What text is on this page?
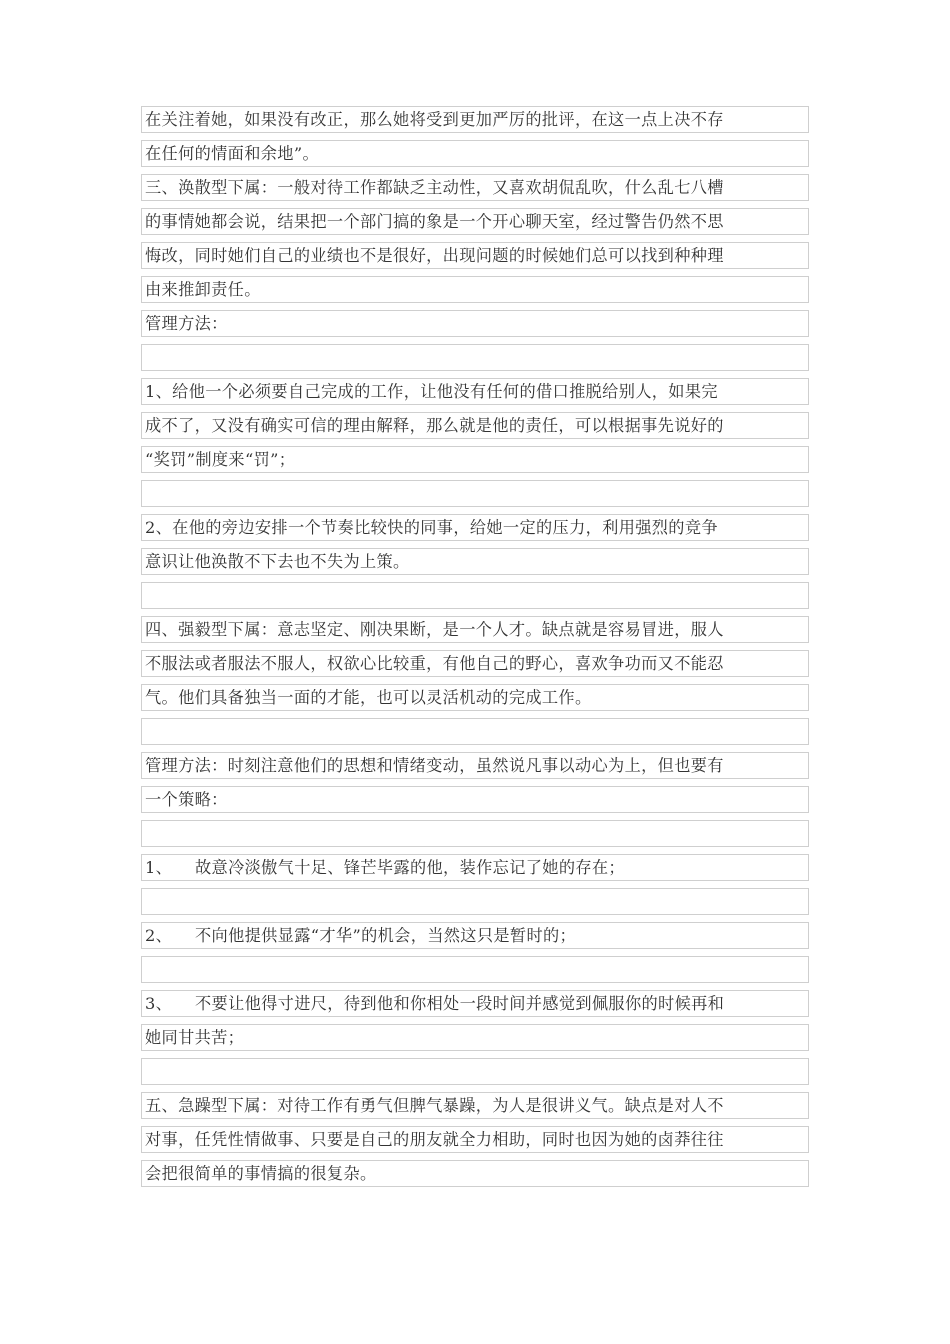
在关注着她，如果没有改正，那么她将受到更加严厉的批评，在这一点上决不存
在任何的情面和余地”。
三、涣散型下属：一般对待工作都缺乏主动性，又喜欢胡侃乱吹，什么乱七八槽
的事情她都会说，结果把一个部门搞的象是一个开心聊天室，经过警告仍然不思
悔改，同时她们自己的业绩也不是很好，出现问题的时候她们总可以找到种种理
由来推卸责任。
管理方法：
1、给他一个必须要自己完成的工作，让他没有任何的借口推脱给别人，如果完
成不了，又没有确实可信的理由解释，那么就是他的责任，可以根据事先说好的
“奖罚”制度来“罚”；
2、在他的旁边安排一个节奏比较快的同事，给她一定的压力，利用强烈的竞争
意识让他涣散不下去也不失为上策。
四、强毅型下属：意志坚定、刚决果断，是一个人才。缺点就是容易冒进，服人
不服法或者服法不服人，权欲心比较重，有他自己的野心，喜欢争功而又不能忍
气。他们具备独当一面的才能，也可以灵活机动的完成工作。
管理方法：时刻注意他们的思想和情绪变动，虽然说凡事以动心为上，但也要有
一个策略：
1、 故意冷淡傲气十足、锋芒毕露的他，装作忘记了她的存在；
2、 不向他提供显露“才华”的机会，当然这只是暂时的；
3、 不要让他得寸进尺，待到他和你相处一段时间并感觉到佩服你的时候再和
她同甘共苦；
五、急躁型下属：对待工作有勇气但脾气暴躁，为人是很讲义气。缺点是对人不
对事，任凭性情做事、只要是自己的朋友就全力相助，同时也因为她的卤莽往往
会把很简单的事情搞的很复杂。
